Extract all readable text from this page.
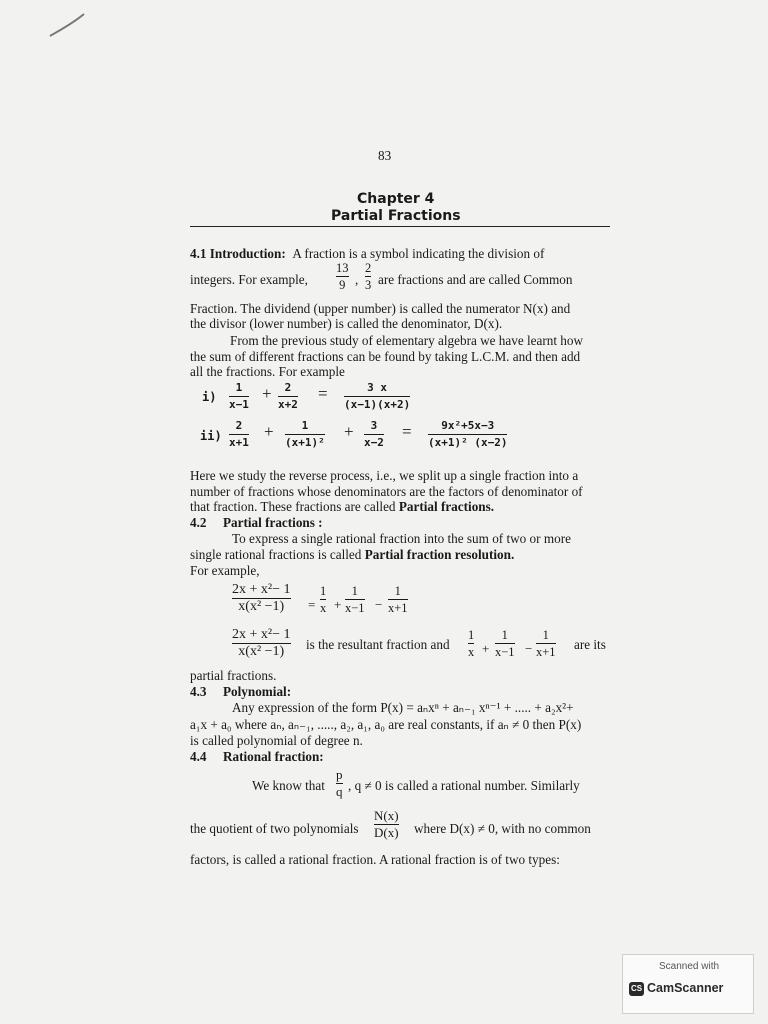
83
Chapter 4
Partial Fractions
4.1 Introduction: A fraction is a symbol indicating the division of
integers. For example,
13
9 ,
2
3 are fractions and are called Common
Fraction. The dividend (upper number) is called the numerator N(x) and
the divisor (lower number) is called the denominator, D(x).
From the previous study of elementary algebra we have learnt how
the sum of different fractions can be found by taking L.C.M. and then add
all the fractions. For example
i)
1
x−1
+ 2
x+2
=	3 x
(x−1)(x+2)
ii)
2
x+1
+	1
(x+1)²
+ 3
x−2
=	9x²+5x−3
(x+1)² (x−2)
Here we study the reverse process, i.e., we split up a single fraction into a
number of fractions whose denominators are the factors of denominator of
that fraction. These fractions are called Partial fractions.
4.2     Partial fractions :
To express a single rational fraction into the sum of two or more
single rational fractions is called Partial fraction resolution.
For example,
2x + x²− 1
x(x² −1) =
1
x +
1
x−1 −
1
x+1
2x + x²− 1
x(x² −1) is the resultant fraction and
1
x +
1
x−1 −
1
x+1 are its
partial fractions.
4.3     Polynomial:
Any expression of the form P(x) = aₙxⁿ + aₙ₋₁ xⁿ⁻¹ + ..... + a₂x²+
a₁x + a₀ where aₙ, aₙ₋₁, ....., a₂, a₁, a₀ are real constants, if aₙ ≠ 0 then P(x)
is called polynomial of degree n.
4.4     Rational fraction:
We know that
p
q , q ≠ 0 is called a rational number. Similarly
the quotient of two polynomials
N(x)
D(x) where D(x) ≠ 0, with no common
factors, is called a rational fraction. A rational fraction is of two types:
Scanned with
CS CamScanner
